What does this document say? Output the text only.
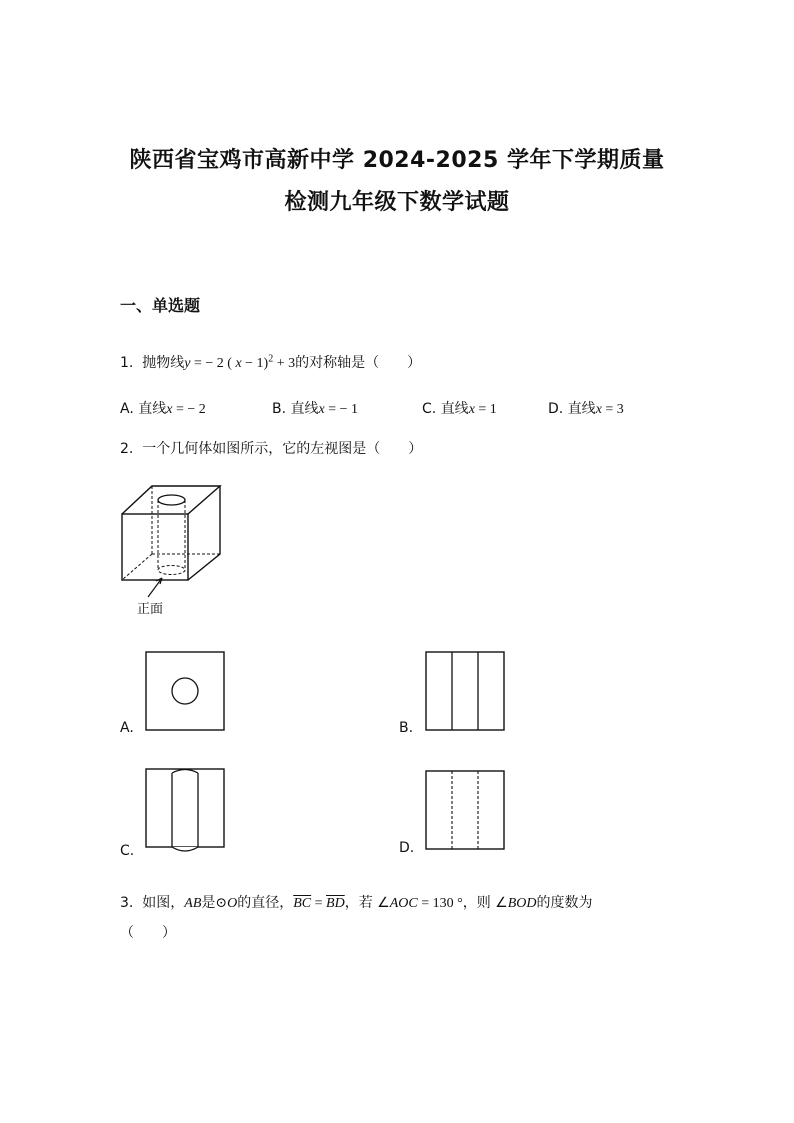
陕西省宝鸡市高新中学 2024-2025 学年下学期质量
检测九年级下数学试题
一、单选题
1. 抛物线y = − 2 ( x − 1)$^2$ + 3的对称轴是（　　）
A. 直线x = − 2	B. 直线x = − 1	C. 直线x = 1	D. 直线x = 3
2. 一个几何体如图所示，它的左视图是（　　）
正面
A.	B.
C.	D.
3. 如图，AB是⊙O的直径，$\overline{BC} = \overline{BD}$，若 ∠AOC = 130 °，则 ∠BOD的度数为
（　　）
